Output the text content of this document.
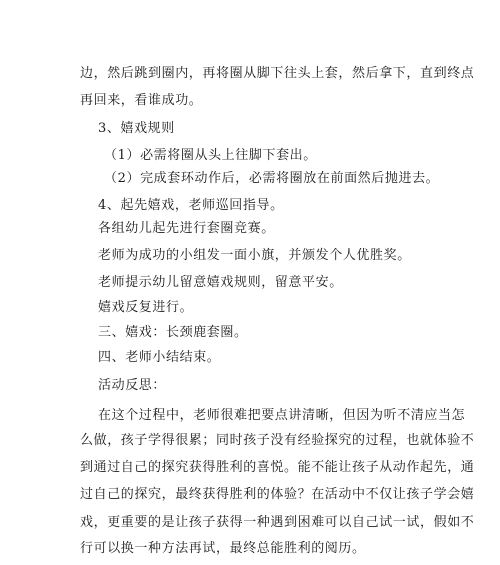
边，然后跳到圈内，再将圈从脚下往头上套，然后拿下，直到终点
再回来，看谁成功。
3、嬉戏规则
（1）必需将圈从头上往脚下套出。
（2）完成套环动作后，必需将圈放在前面然后抛进去。
4、起先嬉戏，老师巡回指导。
各组幼儿起先进行套圈竞赛。
老师为成功的小组发一面小旗，并颁发个人优胜奖。
老师提示幼儿留意嬉戏规则，留意平安。
嬉戏反复进行。
三、嬉戏：长颈鹿套圈。
四、老师小结结束。
活动反思：
在这个过程中，老师很难把要点讲清晰，但因为听不清应当怎
么做，孩子学得很累；同时孩子没有经验探究的过程，也就体验不
到通过自己的探究获得胜利的喜悦。能不能让孩子从动作起先，通
过自己的探究，最终获得胜利的体验？在活动中不仅让孩子学会嬉
戏，更重要的是让孩子获得一种遇到困难可以自己试一试，假如不
行可以换一种方法再试，最终总能胜利的阅历。
